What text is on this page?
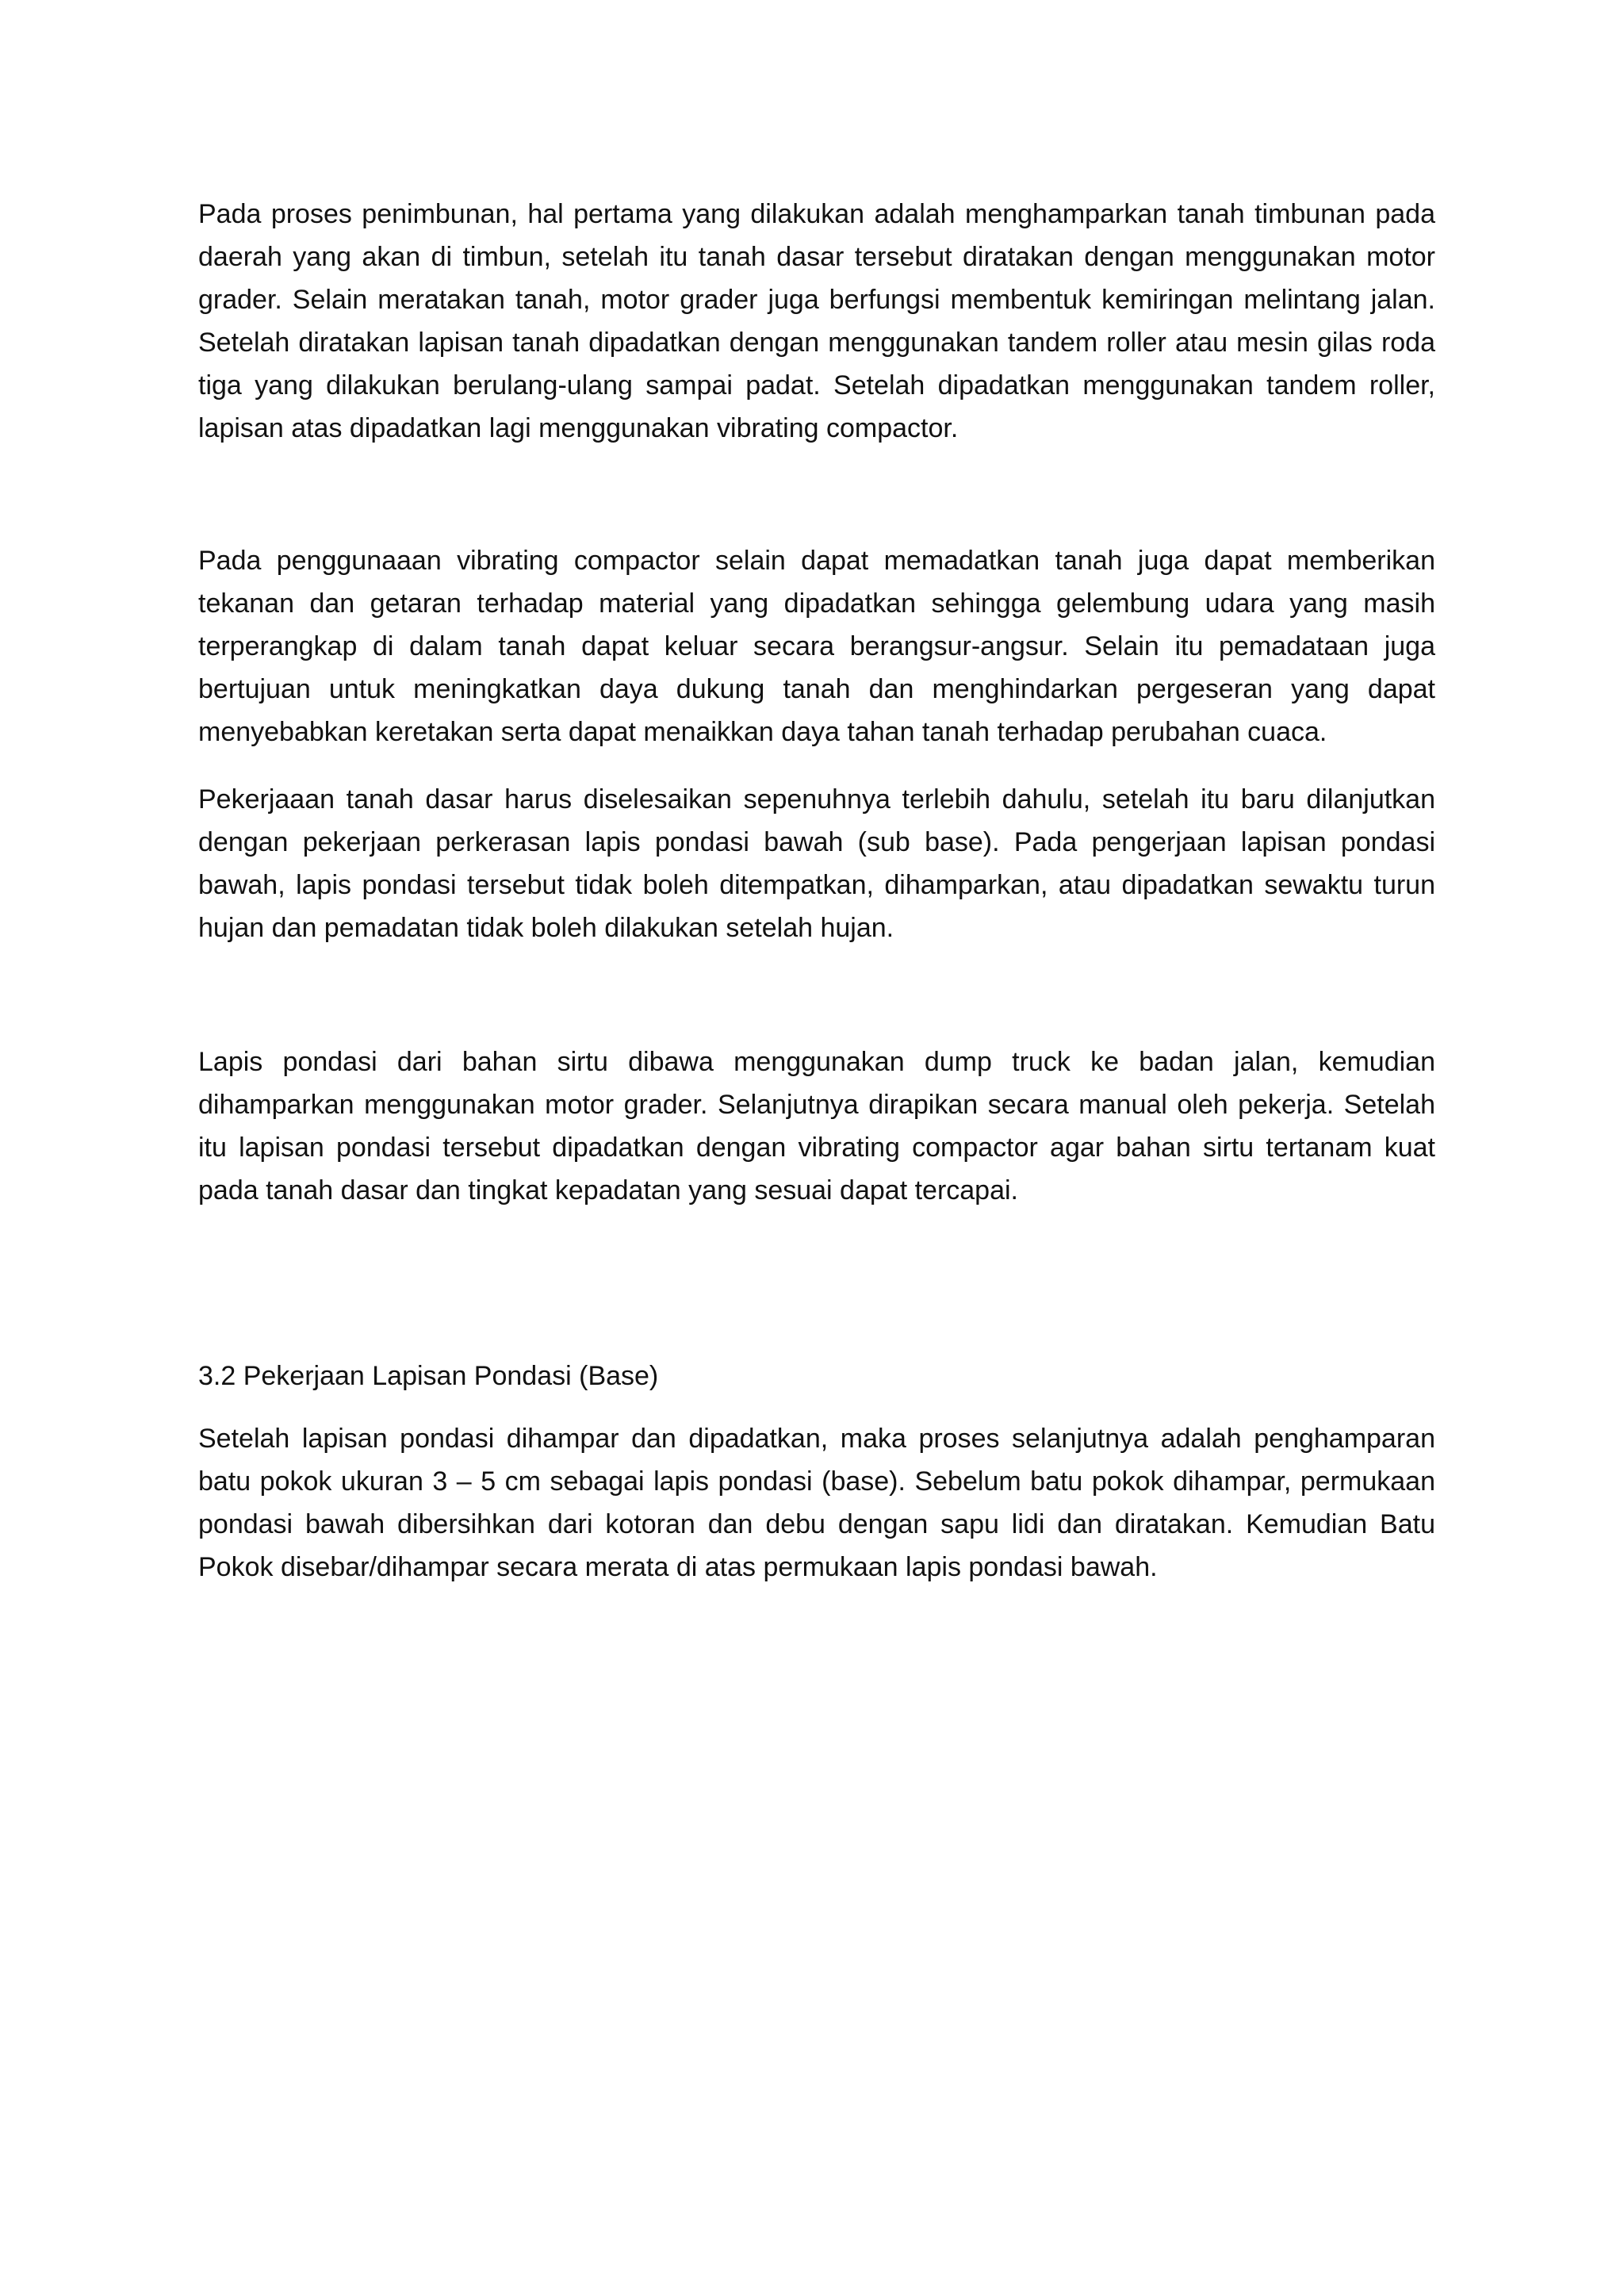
Pada proses penimbunan, hal pertama yang dilakukan adalah menghamparkan tanah timbunan pada daerah yang akan di timbun, setelah itu tanah dasar tersebut diratakan dengan menggunakan motor grader. Selain meratakan tanah, motor grader juga berfungsi membentuk kemiringan melintang jalan. Setelah diratakan lapisan tanah dipadatkan dengan menggunakan tandem roller atau mesin gilas roda tiga yang dilakukan berulang-ulang sampai padat. Setelah dipadatkan menggunakan tandem roller, lapisan atas dipadatkan lagi menggunakan vibrating compactor.

Pada penggunaaan vibrating compactor selain dapat memadatkan tanah juga dapat memberikan tekanan dan getaran terhadap material yang dipadatkan sehingga gelembung udara yang masih terperangkap di dalam tanah dapat keluar secara berangsur-angsur. Selain itu pemadataan juga bertujuan untuk meningkatkan daya dukung tanah dan menghindarkan pergeseran yang dapat menyebabkan keretakan serta dapat menaikkan daya tahan tanah terhadap perubahan cuaca.

Pekerjaaan tanah dasar harus diselesaikan sepenuhnya terlebih dahulu, setelah itu baru dilanjutkan dengan pekerjaan perkerasan lapis pondasi bawah (sub base). Pada pengerjaan lapisan pondasi bawah, lapis pondasi tersebut tidak boleh ditempatkan, dihamparkan, atau dipadatkan sewaktu turun hujan dan pemadatan tidak boleh dilakukan setelah hujan.

Lapis pondasi dari bahan sirtu dibawa menggunakan dump truck ke badan jalan, kemudian dihamparkan menggunakan motor grader. Selanjutnya dirapikan secara manual oleh pekerja. Setelah itu lapisan pondasi tersebut dipadatkan dengan vibrating compactor agar bahan sirtu tertanam kuat pada tanah dasar dan tingkat kepadatan yang sesuai dapat tercapai.

3.2 Pekerjaan Lapisan Pondasi (Base)

Setelah lapisan pondasi dihampar dan dipadatkan, maka proses selanjutnya adalah penghamparan batu pokok ukuran 3 – 5 cm sebagai lapis pondasi (base). Sebelum batu pokok dihampar, permukaan pondasi bawah dibersihkan dari kotoran dan debu dengan sapu lidi dan diratakan. Kemudian Batu Pokok disebar/dihampar secara merata di atas permukaan lapis pondasi bawah.
